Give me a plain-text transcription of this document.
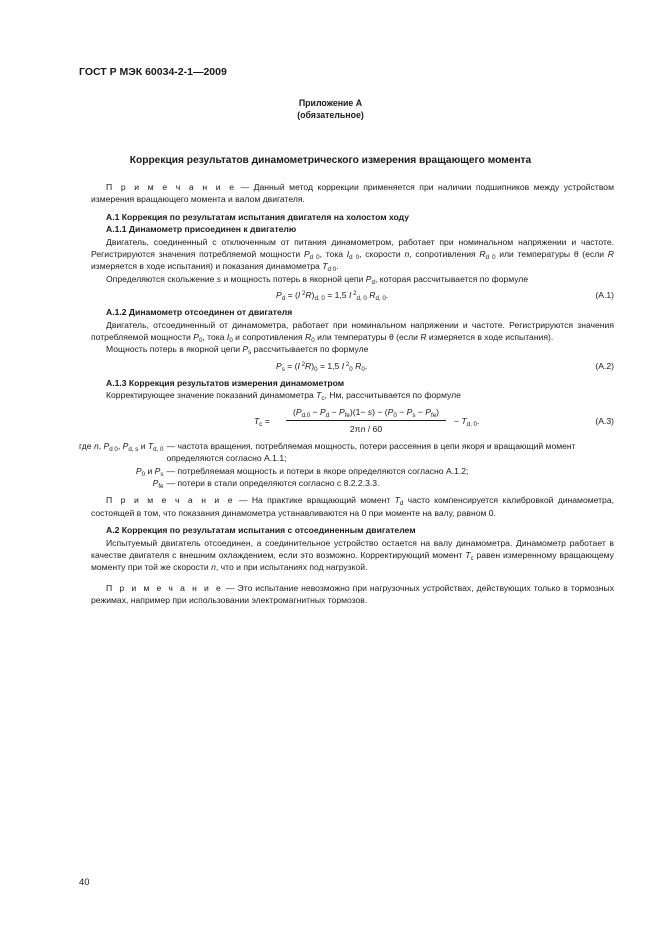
ГОСТ Р МЭК 60034-2-1—2009
Приложение А
(обязательное)
Коррекция результатов динамометрического измерения вращающего момента

П р и м е ч а н и е — Данный метод коррекции применяется при наличии подшипников между устройством измерения вращающего момента и валом двигателя.

А.1 Коррекция по результатам испытания двигателя на холостом ходу

А.1.1 Динамометр присоединен к двигателю

Двигатель, соединенный с отключенным от питания динамометром, работает при номинальном напряжении и частоте. Регистрируются значения потребляемой мощности $P_{d 0}$, тока $I_{d 0}$, скорости n, сопротивления $R_{d 0}$ или температуры θ (если R измеряется в ходе испытания) и показания динамометра $T_{d 0}$.

Определяются скольжение s и мощность потерь в якорной цепи $P_d$, которая рассчитывается по формуле

$P_d = (I$ $^2R)_{d, 0} = 1,5$ I $^2_{d, 0}$ $R_{d, 0}$.	(А.1)

А.1.2 Динамометр отсоединен от двигателя

Двигатель, отсоединенный от динамометра, работает при номинальном напряжении и частоте. Регистрируются значения потребляемой мощности $P_0$, тока $I_0$ и сопротивления $R_0$ или температуры θ (если R измеряется в ходе испытания).

Мощность потерь в якорной цепи $P_s$ рассчитывается по формуле

$P_s = (I$ $^2R)_0 = 1,5$ I $^2_0$ $R_0$.	(А.2)

А.1.3 Коррекция результатов измерения динамометром

Корректирующее значение показаний динамометра $T_c$, Нм, рассчитывается по формуле

$T_c$ =
$(P_{d,0} - P_d - P_{fe})(1- s) - (P_0 - P_s - P_{fe})$
2πn / 60
− $T_{d, 0}$.	(А.3)
где n, $P_{d 0}$, $P_{d, s}$ и $T_{d, 0}$	— частота вращения, потребляемая мощность, потери рассеяния в цепи якоря и вращающий момент определяются согласно А.1.1;
$P_0$ и $P_s$	— потребляемая мощность и потери в якоре определяются согласно А.1.2;
$P_{fe}$	— потери в стали определяются согласно с 8.2.2.3.3.

П р и м е ч а н и е — На практике вращающий момент $T_d$ часто компенсируется калибровкой динамометра, состоящей в том, что показания динамометра устанавливаются на 0 при моменте на валу, равном 0.

А.2 Коррекция по результатам испытания с отсоединенным двигателем

Испытуемый двигатель отсоединен, а соединительное устройство остается на валу динамометра. Динамометр работает в качестве двигателя с внешним охлаждением, если это возможно. Корректирующий момент $T_c$ равен измеренному вращающему моменту при той же скорости n, что и при испытаниях под нагрузкой.

П р и м е ч а н и е — Это испытание невозможно при нагрузочных устройствах, действующих только в тормозных режимах, например при использовании электромагнитных тормозов.

40
